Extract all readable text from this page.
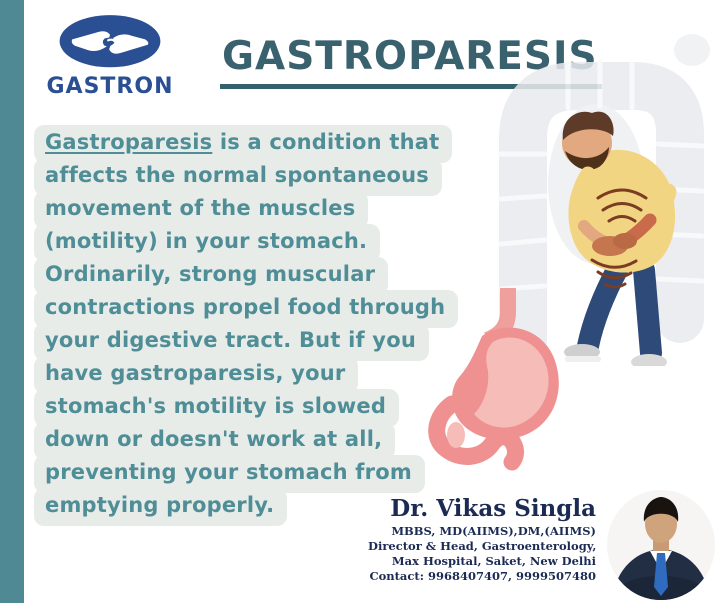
GASTRON
GASTROPARESIS
Gastroparesis is a condition that
affects the normal spontaneous
movement of the muscles
(motility) in your stomach.
Ordinarily, strong muscular
contractions propel food through
your digestive tract. But if you
have gastroparesis, your
stomach's motility is slowed
down or doesn't work at all,
preventing your stomach from
emptying properly.	Dr. Vikas Singla
MBBS, MD(AIIMS),DM,(AIIMS)
Director & Head, Gastroenterology,
Max Hospital, Saket, New Delhi
Contact: 9968407407, 9999507480
